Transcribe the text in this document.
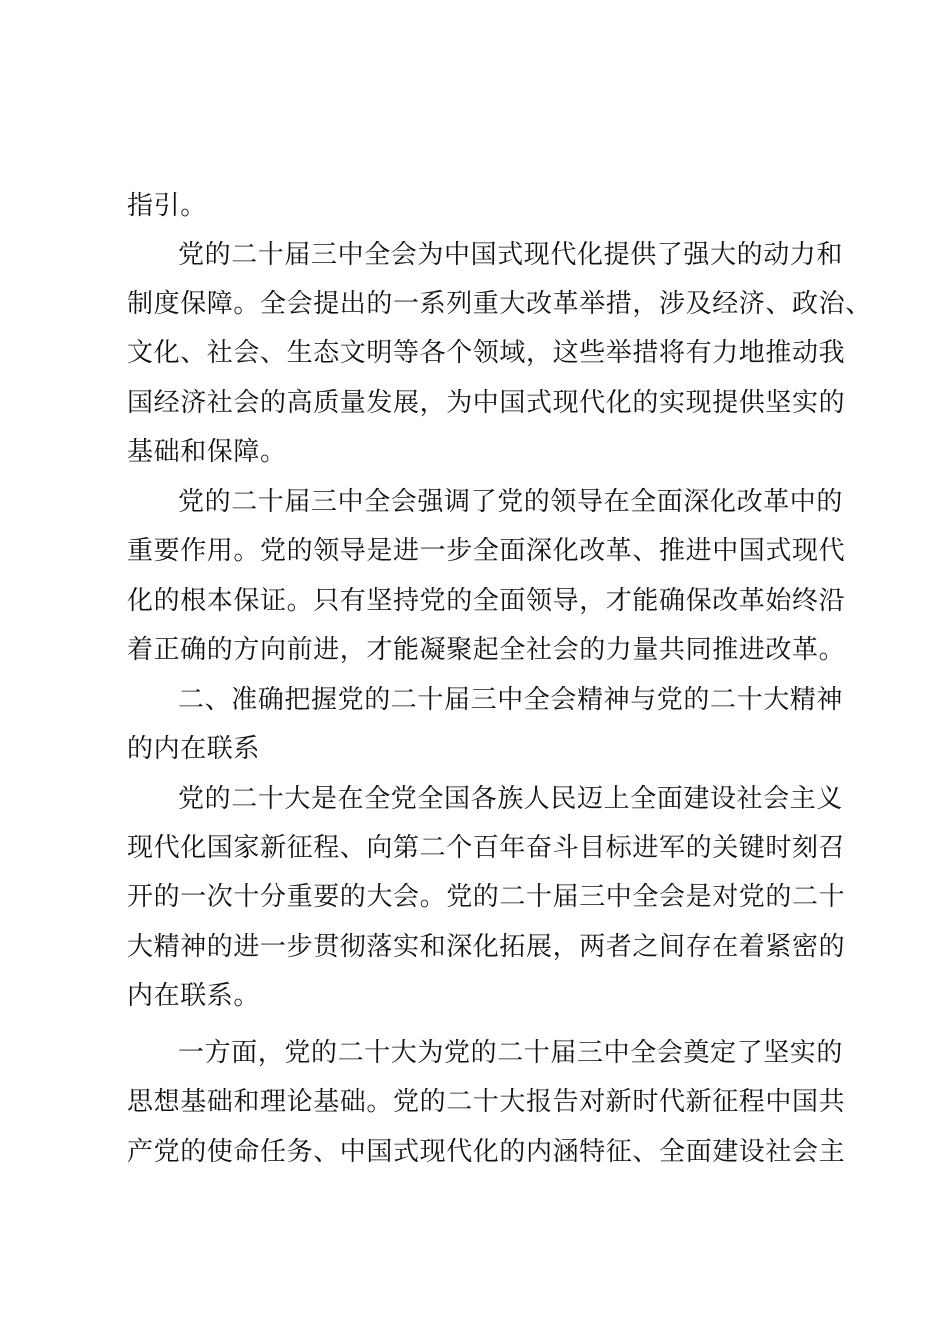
指引。
党的二十届三中全会为中国式现代化提供了强大的动力和
制度保障。全会提出的一系列重大改革举措，涉及经济、政治、
文化、社会、生态文明等各个领域，这些举措将有力地推动我
国经济社会的高质量发展，为中国式现代化的实现提供坚实的
基础和保障。
党的二十届三中全会强调了党的领导在全面深化改革中的
重要作用。党的领导是进一步全面深化改革、推进中国式现代
化的根本保证。只有坚持党的全面领导，才能确保改革始终沿
着正确的方向前进，才能凝聚起全社会的力量共同推进改革。
二、准确把握党的二十届三中全会精神与党的二十大精神
的内在联系
党的二十大是在全党全国各族人民迈上全面建设社会主义
现代化国家新征程、向第二个百年奋斗目标进军的关键时刻召
开的一次十分重要的大会。党的二十届三中全会是对党的二十
大精神的进一步贯彻落实和深化拓展，两者之间存在着紧密的
内在联系。
一方面，党的二十大为党的二十届三中全会奠定了坚实的
思想基础和理论基础。党的二十大报告对新时代新征程中国共
产党的使命任务、中国式现代化的内涵特征、全面建设社会主
